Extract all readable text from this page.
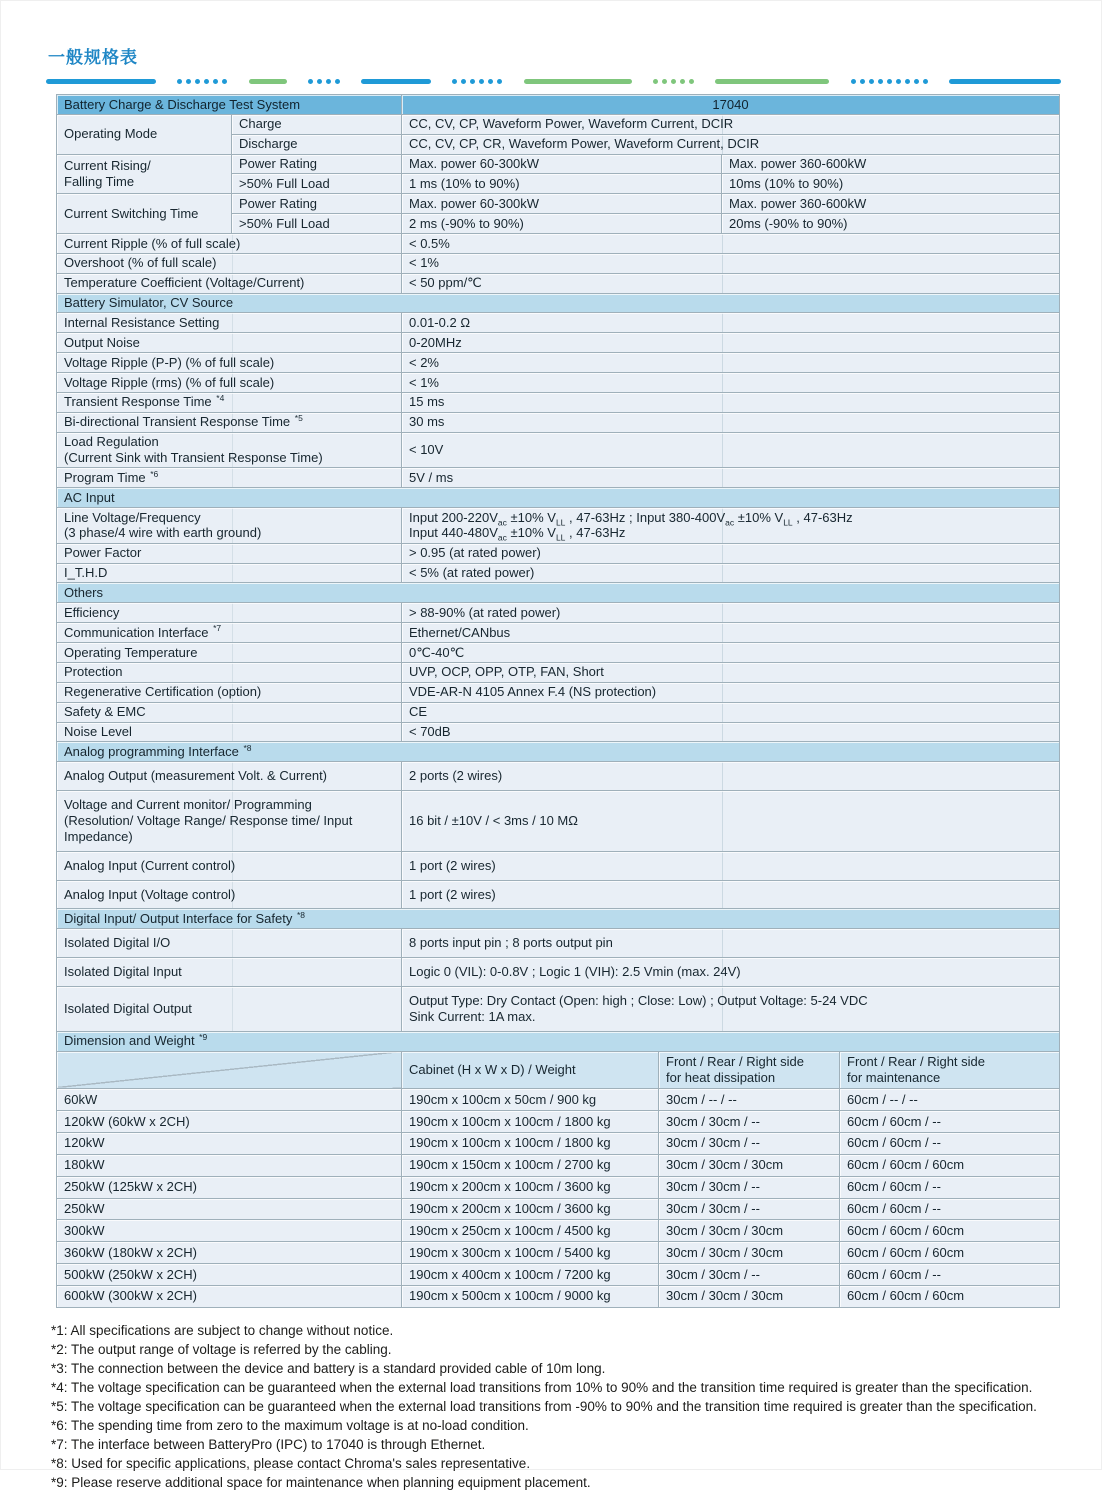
一般规格表
Battery Charge & Discharge Test System		17040	
Operating Mode	Charge	CC, CV, CP, Waveform Power, Waveform Current, DCIR	
	Discharge	CC, CV, CP, CR, Waveform Power, Waveform Current, DCIR	
Current Rising/
Falling Time	Power Rating	Max. power 60-300kW	Max. power 360-600kW
	>50% Full Load	1 ms (10% to 90%)	10ms (10% to 90%)
Current Switching Time	Power Rating	Max. power 60-300kW	Max. power 360-600kW
	>50% Full Load	2 ms (-90% to 90%)	20ms (-90% to 90%)
Current Ripple (% of full scale)		< 0.5%	
Overshoot (% of full scale)		< 1%	
Temperature Coefficient (Voltage/Current)		< 50 ppm/℃	
Battery Simulator, CV Source			
Internal Resistance Setting		0.01-0.2 Ω	
Output Noise		0-20MHz	
Voltage Ripple (P-P) (% of full scale)		< 2%	
Voltage Ripple (rms) (% of full scale)		< 1%	
Transient Response Time $^{*4}$		15 ms	
Bi-directional Transient Response Time $^{*5}$		30 ms	
Load Regulation
(Current Sink with Transient Response Time)		< 10V	
Program Time $^{*6}$		5V / ms	
AC Input			
Line Voltage/Frequency
(3 phase/4 wire with earth ground)		Input $200-220V_{ac} \pm 10\%$ $V_{LL}$ , 47-63Hz ; Input $380-400V_{ac} \pm 10\%$ $V_{LL}$ , 47-63Hz
Input $440-480V_{ac} \pm 10\%$ $V_{LL}$ , 47-63Hz	
Power Factor		> 0.95 (at rated power)	
I_T.H.D		< 5% (at rated power)	
Others			
Efficiency		> 88-90% (at rated power)	
Communication Interface $^{*7}$		Ethernet/CANbus	
Operating Temperature		0℃-40℃	
Protection		UVP, OCP, OPP, OTP, FAN, Short	
Regenerative Certification (option)		VDE-AR-N 4105 Annex F.4 (NS protection)	
Safety & EMC		CE	
Noise Level		< 70dB	
Analog programming Interface $^{*8}$
Analog Output (measurement Volt. & Current)		2 ports (2 wires)	
Voltage and Current monitor/ Programming
(Resolution/ Voltage Range/ Response time/ Input
Impedance)		16 bit / ±10V / < 3ms / 10 MΩ	
Analog Input (Current control)		1 port (2 wires)	
Analog Input (Voltage control)		1 port (2 wires)	
Digital Input/ Output Interface for Safety $^{*8}$
Isolated Digital I/O		8 ports input pin ; 8 ports output pin	
Isolated Digital Input		Logic 0 (VIL): 0-0.8V ; Logic 1 (VIH): 2.5 Vmin (max. 24V)	
Isolated Digital Output		Output Type: Dry Contact (Open: high ; Close: Low) ; Output Voltage: 5-24 VDC
Sink Current: 1A max.	
Dimension and Weight $^{*9}$
	Cabinet (H x W x D) / Weight	Front / Rear / Right side
for heat dissipation	Front / Rear / Right side
for maintenance
60kW	190cm x 100cm x 50cm / 900 kg	30cm / -- / --	60cm / -- / --
120kW (60kW x 2CH)	190cm x 100cm x 100cm / 1800 kg	30cm / 30cm / --	60cm / 60cm / --
120kW	190cm x 100cm x 100cm / 1800 kg	30cm / 30cm / --	60cm / 60cm / --
180kW	190cm x 150cm x 100cm / 2700 kg	30cm / 30cm / 30cm	60cm / 60cm / 60cm
250kW (125kW x 2CH)	190cm x 200cm x 100cm / 3600 kg	30cm / 30cm / --	60cm / 60cm / --
250kW	190cm x 200cm x 100cm / 3600 kg	30cm / 30cm / --	60cm / 60cm / --
300kW	190cm x 250cm x 100cm / 4500 kg	30cm / 30cm / 30cm	60cm / 60cm / 60cm
360kW (180kW x 2CH)	190cm x 300cm x 100cm / 5400 kg	30cm / 30cm / 30cm	60cm / 60cm / 60cm
500kW (250kW x 2CH)	190cm x 400cm x 100cm / 7200 kg	30cm / 30cm / --	60cm / 60cm / --
600kW (300kW x 2CH)	190cm x 500cm x 100cm / 9000 kg	30cm / 30cm / 30cm	60cm / 60cm / 60cm
*1: All specifications are subject to change without notice.
*2: The output range of voltage is referred by the cabling.
*3: The connection between the device and battery is a standard provided cable of 10m long.
*4: The voltage specification can be guaranteed when the external load transitions from 10% to 90% and the transition time required is greater than the specification.
*5: The voltage specification can be guaranteed when the external load transitions from -90% to 90% and the transition time required is greater than the specification.
*6: The spending time from zero to the maximum voltage is at no-load condition.
*7: The interface between BatteryPro (IPC) to 17040 is through Ethernet.
*8: Used for specific applications, please contact Chroma's sales representative.
*9: Please reserve additional space for maintenance when planning equipment placement.
